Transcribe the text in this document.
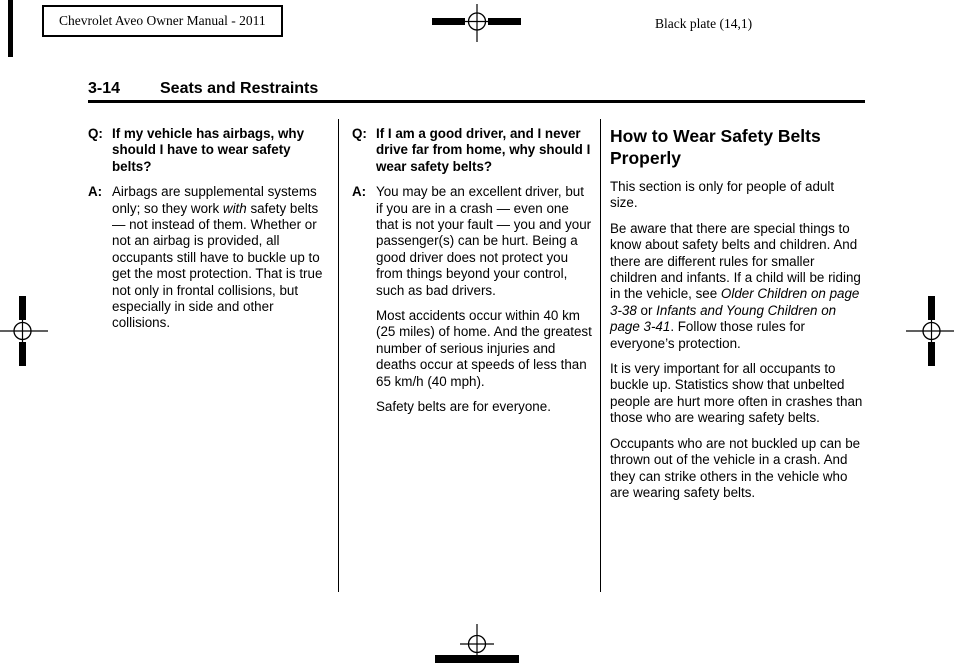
Chevrolet Aveo Owner Manual - 2011	Black plate (14,1)
3-14 Seats and Restraints
Q: If my vehicle has airbags, why should I have to wear safety belts?
A: Airbags are supplemental systems only; so they work with safety belts — not instead of them. Whether or not an airbag is provided, all occupants still have to buckle up to get the most protection. That is true not only in frontal collisions, but especially in side and other collisions.
Q: If I am a good driver, and I never drive far from home, why should I wear safety belts?
A: You may be an excellent driver, but if you are in a crash — even one that is not your fault — you and your passenger(s) can be hurt. Being a good driver does not protect you from things beyond your control, such as bad drivers.
Most accidents occur within 40 km (25 miles) of home. And the greatest number of serious injuries and deaths occur at speeds of less than 65 km/h (40 mph).
Safety belts are for everyone.
How to Wear Safety Belts Properly
This section is only for people of adult size.
Be aware that there are special things to know about safety belts and children. And there are different rules for smaller children and infants. If a child will be riding in the vehicle, see Older Children on page 3-38 or Infants and Young Children on page 3-41. Follow those rules for everyone’s protection.
It is very important for all occupants to buckle up. Statistics show that unbelted people are hurt more often in crashes than those who are wearing safety belts.
Occupants who are not buckled up can be thrown out of the vehicle in a crash. And they can strike others in the vehicle who are wearing safety belts.
